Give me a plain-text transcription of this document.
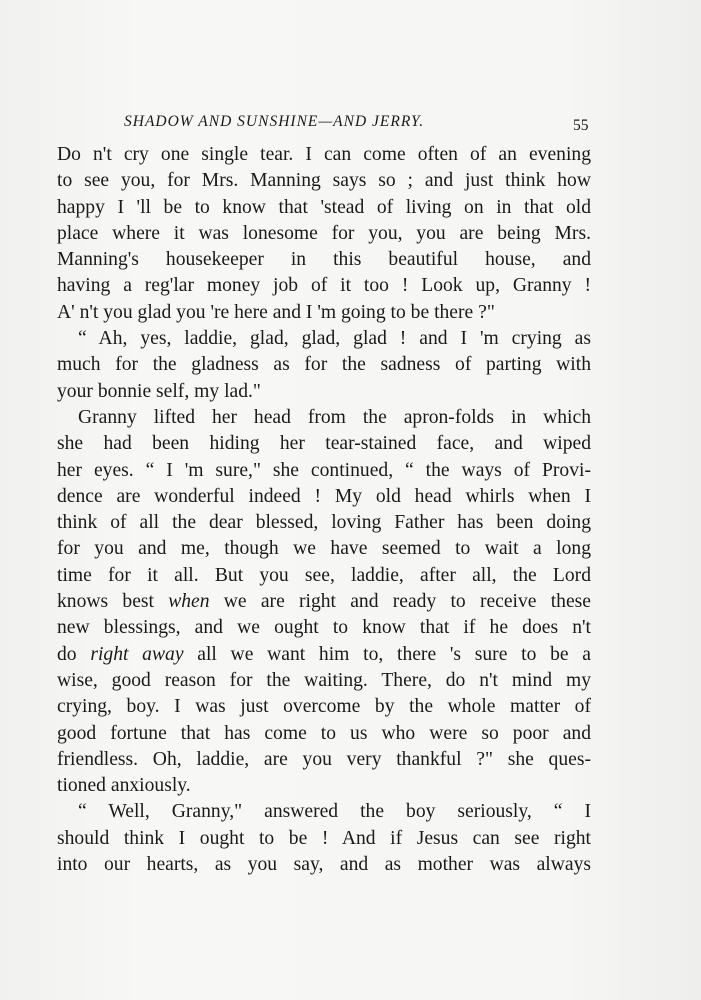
SHADOW AND SUNSHINE—AND JERRY.	55
Do n't cry one single tear. I can come often of an evening
to see you, for Mrs. Manning says so ; and just think how
happy I 'll be to know that 'stead of living on in that old
place where it was lonesome for you, you are being Mrs.
Manning's housekeeper in this beautiful house, and
having a reg'lar money job of it too ! Look up, Granny !
A' n't you glad you 're here and I 'm going to be there ?"
“ Ah, yes, laddie, glad, glad, glad ! and I 'm crying as
much for the gladness as for the sadness of parting with
your bonnie self, my lad."
Granny lifted her head from the apron-folds in which
she had been hiding her tear-stained face, and wiped
her eyes. “ I 'm sure," she continued, “ the ways of Provi-
dence are wonderful indeed ! My old head whirls when I
think of all the dear blessed, loving Father has been doing
for you and me, though we have seemed to wait a long
time for it all. But you see, laddie, after all, the Lord
knows best when we are right and ready to receive these
new blessings, and we ought to know that if he does n't
do right away all we want him to, there 's sure to be a
wise, good reason for the waiting. There, do n't mind my
crying, boy. I was just overcome by the whole matter of
good fortune that has come to us who were so poor and
friendless. Oh, laddie, are you very thankful ?" she ques-
tioned anxiously.
“ Well, Granny," answered the boy seriously, “ I
should think I ought to be ! And if Jesus can see right
into our hearts, as you say, and as mother was always
